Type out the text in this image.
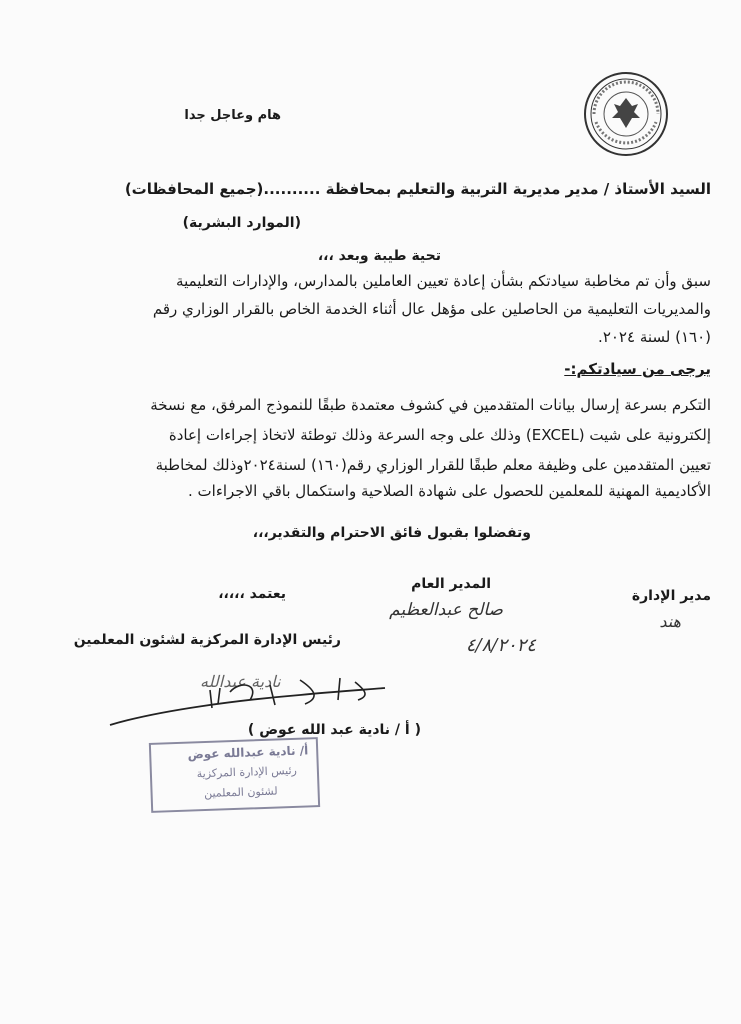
هام وعاجل جدا
السيد الأستاذ / مدير مديرية التربية والتعليم بمحافظة ..........(جميع المحافظات)
(الموارد البشرية)
تحية طيبة وبعد ،،،
سبق وأن تم مخاطبة سيادتكم بشأن إعادة تعيين العاملين بالمدارس، والإدارات التعليمية
والمديريات التعليمية من الحاصلين على مؤهل عال أثناء الخدمة الخاص بالقرار الوزاري رقم
(١٦٠) لسنة ٢٠٢٤.
يرجى من سيادتكم:-
التكرم بسرعة إرسال بيانات المتقدمين في كشوف معتمدة طبقًا للنموذج المرفق، مع نسخة
إلكترونية على شيت (EXCEL) وذلك على وجه السرعة وذلك توطئة لاتخاذ إجراءات إعادة
تعيين المتقدمين على وظيفة معلم طبقًا للقرار الوزاري رقم(١٦٠) لسنة٢٠٢٤وذلك لمخاطبة
الأكاديمية المهنية للمعلمين للحصول على شهادة الصلاحية واستكمال باقي الاجراءات .
وتفضلوا بقبول فائق الاحترام والتقدير،،،
مدير الإدارة
هند
المدير العام
صالح عبدالعظيم
٤/٨/٢٠٢٤
يعتمد ،،،،،
رئيس الإدارة المركزية لشئون المعلمين
نادية عبدالله
( أ / نادية عبد الله عوض )
أ/ نادية عبدالله عوض
رئيس الإدارة المركزية
لشئون المعلمين
